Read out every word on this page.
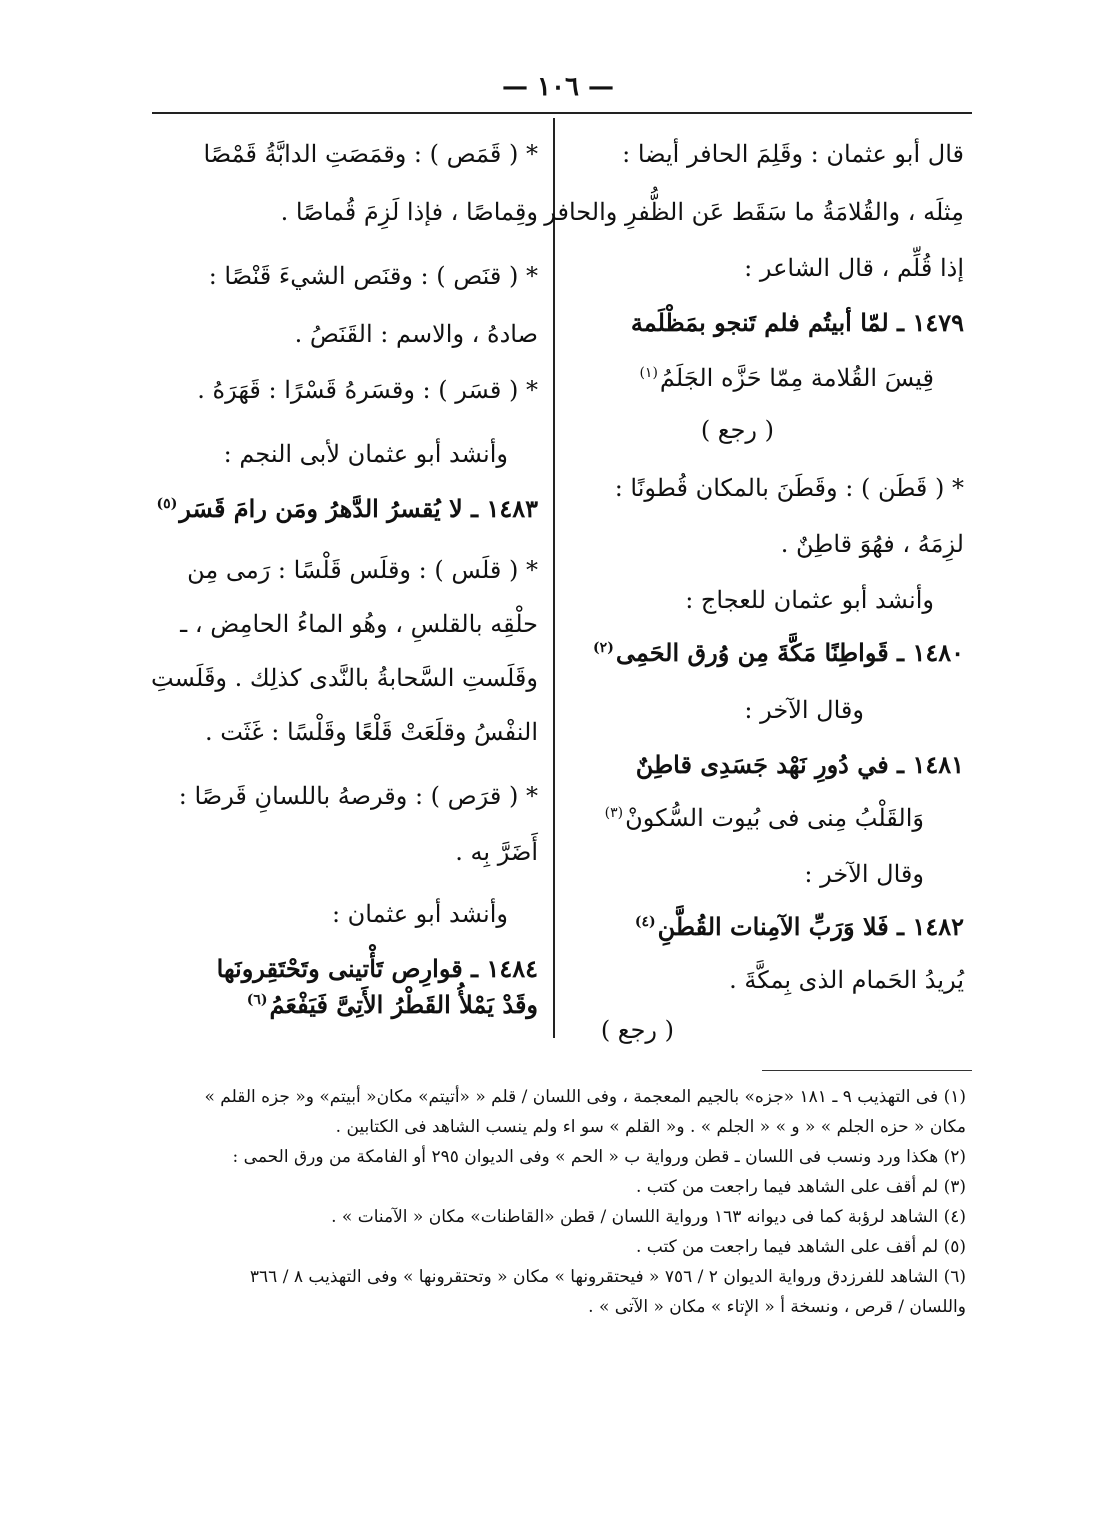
— ١٠٦ —
قال أبو عثمان : وقَلِمَ الحافر أيضا :
مِثلَه ، والقُلامَةُ ما سَقَط عَن الظُّفرِ والحافر
إذا قُلِّم ، قال الشاعر :
١٤٧٩ ـ لمّا أبيتُم فلم تَنجو بمَظْلَمة
قِيسَ القُلامة مِمّا حَزَّه الجَلَمُ$^{(١)}$
( رجع )
* ( قَطَن ) : وقَطَنَ بالمكان قُطونًا :
لزِمَهُ ، فهُوَ قاطِنٌ .
وأنشد أبو عثمان للعجاج :
١٤٨٠ ـ قَواطِنًا مَكَّةَ مِن وُرق الحَمِى$^{(٢)}$
وقال الآخر :
١٤٨١ ـ في دُورِ نَهْد جَسَدِى قاطِنٌ
وَالقَلْبُ مِنى فى بُيوت السُّكونْ$^{(٣)}$
وقال الآخر :
١٤٨٢ ـ فَلا وَرَبِّ الآمِنات القُطَّنِ$^{(٤)}$
يُريدُ الحَمام الذى بِمكَّةَ .
( رجع )
* ( قَمَص ) : وقمَصَتِ الدابَّةُ قَمْصًا
وقِماصًا ، فإذا لَزِمَ قُماصًا .
* ( قنَص ) : وقنَص الشيءَ قَنْصًا :
صادهُ ، والاسم : القَنَصُ .
* ( قسَر ) : وقسَرهُ قَسْرًا : قَهَرَهُ .
وأنشد أبو عثمان لأبى النجم :
١٤٨٣ ـ لا يُقسرُ الدَّهرُ ومَن رامَ قَسَر$^{(٥)}$
* ( قلَس ) : وقلَس قَلْسًا : رَمى مِن
حلْقِه بالقلسِ ، وهُو الماءُ الحامِض ، ـ
وقَلَستِ السَّحابةُ بالنَّدى كذلِك . وقَلَستِ
النفْسُ وقلَعَتْ قَلْعًا وقَلْسًا : غَثَت .
* ( قرَص ) : وقرصهُ باللسانِ قَرصًا :
أَضَرَّ بِه .
وأنشد أبو عثمان :
١٤٨٤ ـ قوارِص تَأْتينى وتَحْتَقِرونَها
وقَدْ يَمْلأُ القَطْرُ الأَتِىَّ فَيَفْعَمُ$^{(٦)}$
(١) فى التهذيب ٩ ـ ١٨١ «جزه» بالجيم المعجمة ، وفى اللسان / قلم « «أتيتم» مكان« أبيتم» و« جزه القلم »
مكان « حزه الجلم » « و » « الجلم » . و« القلم » سو اء ولم ينسب الشاهد فى الكتابين .
(٢) هكذا ورد ونسب فى اللسان ـ قطن ورواية ب « الحم » وفى الديوان ٢٩٥ أو الفامكة من ورق الحمى :
(٣) لم أقف على الشاهد فيما راجعت من كتب .
(٤) الشاهد لرؤبة كما فى ديوانه ١٦٣ ورواية اللسان / قطن «القاطنات» مكان « الآمنات » .
(٥) لم أقف على الشاهد فيما راجعت من كتب .
(٦) الشاهد للفرزدق ورواية الديوان ٢ / ٧٥٦ « فيحتقرونها » مكان « وتحتقرونها » وفى التهذيب ٨ / ٣٦٦
واللسان / قرص ، ونسخة أ « الإتاء » مكان « الآتى » .
